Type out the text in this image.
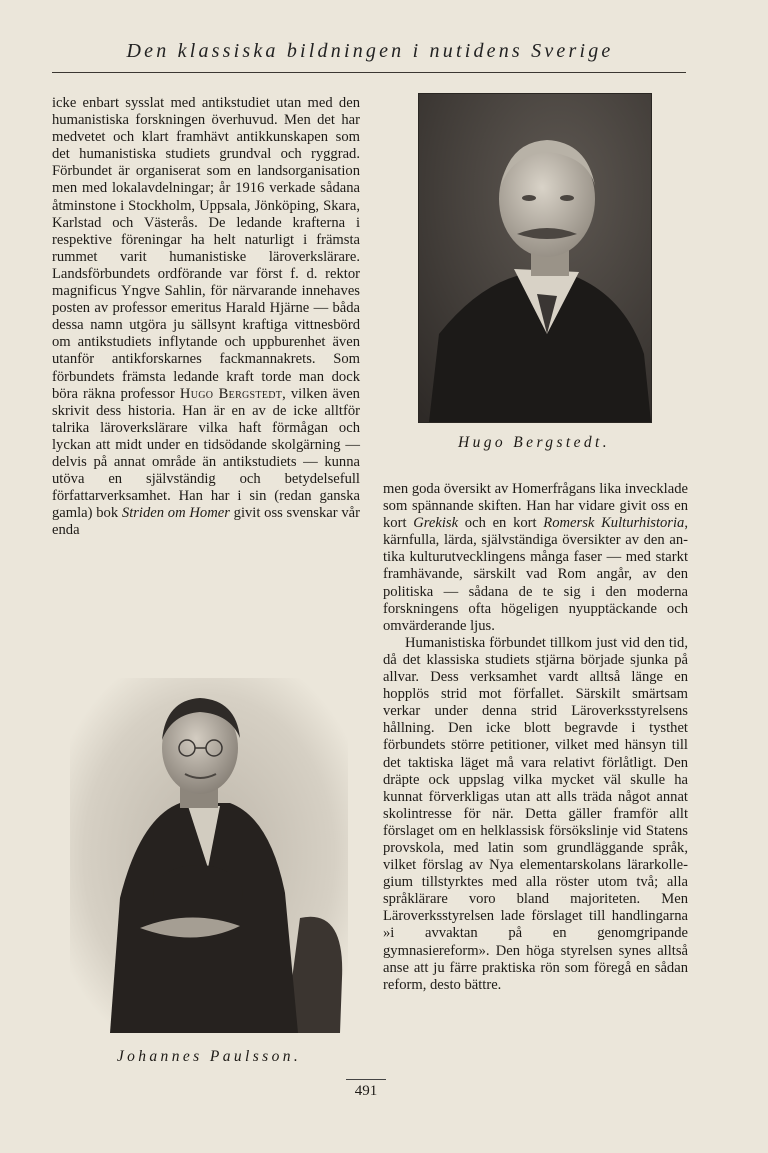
Den klassiska bildningen i nutidens Sverige

icke enbart sysslat med antikstudiet utan med den humanistiska forskningen överhuvud. Men det har medvetet och klart framhävt antikkunskapen som det humanistiska studiets grundval och ryggrad. Förbundet är organiserat som en landsorganisation men med lokalavdelningar; år 1916 verkade sådana åtminstone i Stockholm, Uppsala, Jönköping, Skara, Karlstad och Västerås. De ledande krafterna i respektive föreningar ha helt naturligt i främsta rummet varit humanistiske läroverkslärare. Landsförbundets ordförande var först f. d. rektor magnificus Yngve Sahlin, för närvarande innehaves posten av professor emeritus Harald Hjärne — båda dessa namn utgöra ju sällsynt kraftiga vittnesbörd om antikstudiets inflytande och uppburenhet även utanför antikforskarnes fackmannakrets. Som förbundets främsta ledande kraft torde man dock böra räkna professor Hugo Bergstedt, vilken även skrivit dess historia. Han är en av de icke alltför talrika läroverkslärare vilka haft förmågan och lyckan att midt under en tidsödande skolgärning — delvis på annat område än antikstudiets — kunna utöva en självständig och betydelsefull författarverksamhet. Han har i sin (redan ganska gamla) bok Striden om Homer givit oss svenskar vår enda

Hugo Bergstedt.

men goda översikt av Homerfrågans lika invecklade som spännande skiften. Han har vidare givit oss en kort Grekisk och en kort Romersk Kulturhistoria, kärnfulla, lärda, självständiga översikter av den antika kulturutvecklingens många faser — med starkt framhävande, särskilt vad Rom angår, av den politiska — sådana de te sig i den moderna forskningens ofta högeligen nyupptäckande och omvärderande ljus.

Humanistiska förbundet tillkom just vid den tid, då det klassiska studiets stjärna började sjunka på allvar. Dess verksamhet vardt alltså länge en hopplös strid mot förfallet. Särskilt smärtsam verkar under denna strid Läroverksstyrelsens hållning. Den icke blott begravde i tysthet förbundets större petitioner, vilket med hänsyn till det taktiska läget må vara relativt förlåtligt. Den dräpte ock uppslag vilka mycket väl skulle ha kunnat förverkligas utan att alls träda något annat skolintresse för när. Detta gäller framför allt förslaget om en helklassisk försökslinje vid Statens provskola, med latin som grundläggande språk, vilket förslag av Nya elementarskolans lärarkollegium tillstyrktes med alla röster utom två; alla språklärare voro bland majoriteten. Men Läroverksstyrelsen lade förslaget till handlingarna »i avvaktan på en genomgripande gymnasiereform». Den höga styrelsen synes alltså anse att ju färre praktiska rön som föregå en sådan reform, desto bättre.

Johannes Paulsson.
491
